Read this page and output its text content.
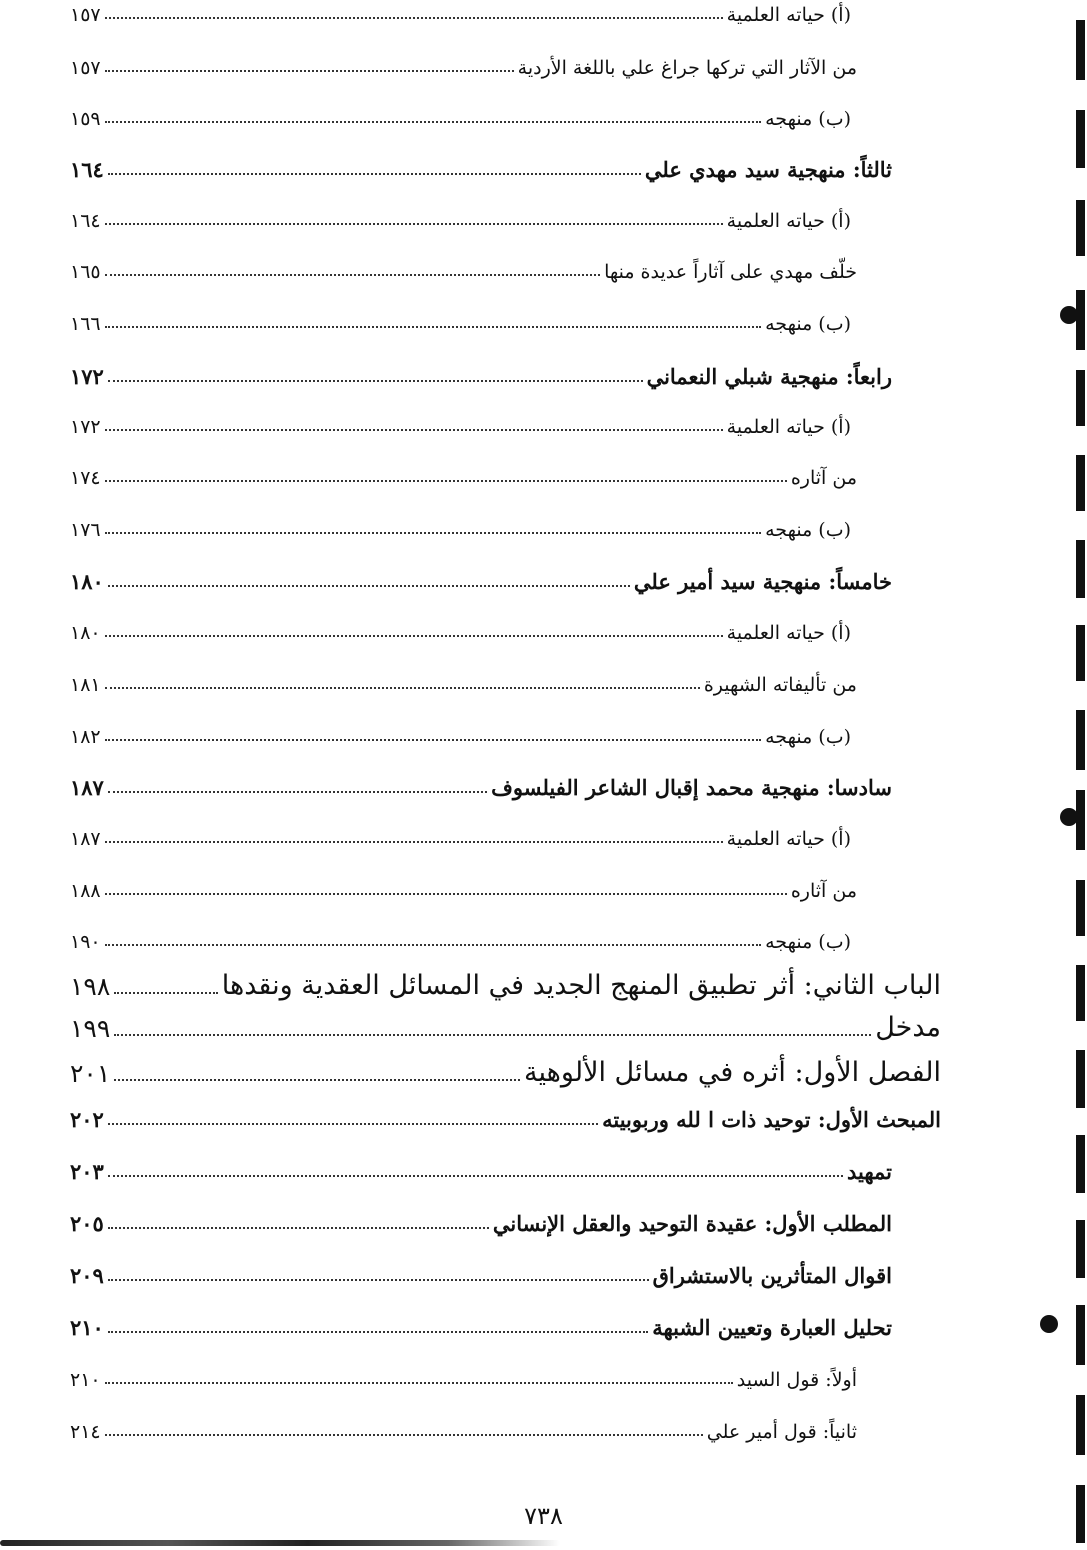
(أ) حياته العلمية
١٥٧
من الآثار التي تركها جراغ علي باللغة الأردية
١٥٧
(ب) منهجه
١٥٩
ثالثاً: منهجية سيد مهدي علي
١٦٤
(أ) حياته العلمية
١٦٤
خلّف مهدي على آثاراً عديدة منها
١٦٥
(ب) منهجه
١٦٦
رابعاً: منهجية شبلي النعماني
١٧٢
(أ) حياته العلمية
١٧٢
من آثاره
١٧٤
(ب) منهجه
١٧٦
خامساً: منهجية سيد أمير علي
١٨٠
(أ) حياته العلمية
١٨٠
من تأليفاته الشهيرة
١٨١
(ب) منهجه
١٨٢
سادسا: منهجية محمد إقبال الشاعر الفيلسوف
١٨٧
(أ) حياته العلمية
١٨٧
من آثاره
١٨٨
(ب) منهجه
١٩٠
الباب الثاني: أثر تطبيق المنهج الجديد في المسائل العقدية ونقدها
١٩٨
مدخل
١٩٩
الفصل الأول: أثره في مسائل الألوهية
٢٠١
المبحث الأول: توحيد ذات ا لله وربوبيته
٢٠٢
تمهيد
٢٠٣
المطلب الأول: عقيدة التوحيد والعقل الإنساني
٢٠٥
اقوال المتأثرين بالاستشراق
٢٠٩
تحليل العبارة وتعيين الشبهة
٢١٠
أولاً: قول السيد
٢١٠
ثانياً: قول أمير علي
٢١٤
٧٣٨
